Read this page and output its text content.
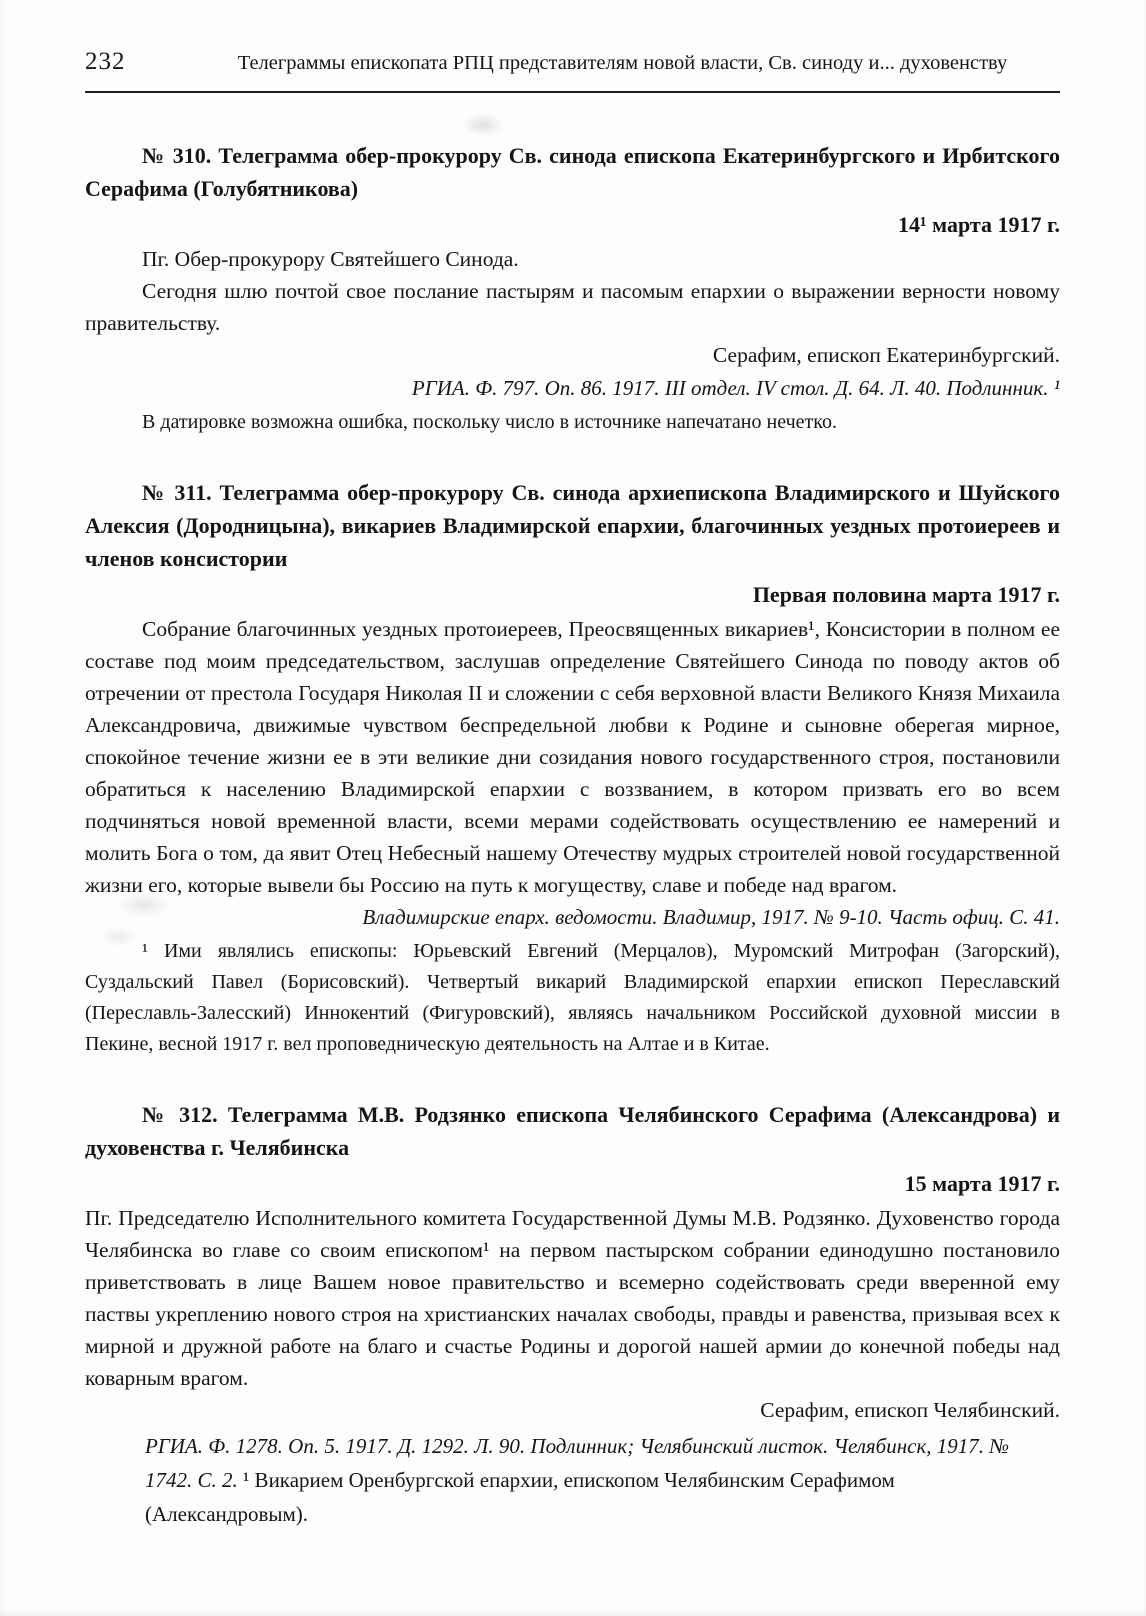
232	Телеграммы епископата РПЦ представителям новой власти, Св. синоду и... духовенству

№ 310. Телеграмма обер-прокурору Св. синода епископа Екатеринбургского и Ирбитского Серафима (Голубятникова)

14¹ марта 1917 г.

Пг. Обер-прокурору Святейшего Синода.

Сегодня шлю почтой свое послание пастырям и пасомым епархии о выражении верности новому правительству.

Серафим, епископ Екатеринбургский.

РГИА. Ф. 797. Оп. 86. 1917. III отдел. IV стол. Д. 64. Л. 40. Подлинник. ¹

В датировке возможна ошибка, поскольку число в источнике напечатано нечетко.

№ 311. Телеграмма обер-прокурору Св. синода архиепископа Владимирского и Шуйского Алексия (Дородницына), викариев Владимирской епархии, благочинных уездных протоиереев и членов консистории

Первая половина марта 1917 г.

Собрание благочинных уездных протоиереев, Преосвященных викариев¹, Консистории в полном ее составе под моим председательством, заслушав определение Святейшего Синода по поводу актов об отречении от престола Государя Николая II и сложении с себя верховной власти Великого Князя Михаила Александровича, движимые чувством беспредельной любви к Родине и сыновне оберегая мирное, спокойное течение жизни ее в эти великие дни созидания нового государственного строя, постановили обратиться к населению Владимирской епархии с воззванием, в котором призвать его во всем подчиняться новой временной власти, всеми мерами содействовать осуществлению ее намерений и молить Бога о том, да явит Отец Небесный нашему Отечеству мудрых строителей новой государственной жизни его, которые вывели бы Россию на путь к могуществу, славе и победе над врагом.

Владимирские епарх. ведомости. Владимир, 1917. № 9-10. Часть офиц. С. 41.

¹ Ими являлись епископы: Юрьевский Евгений (Мерцалов), Муромский Митрофан (Загорский), Суздальский Павел (Борисовский). Четвертый викарий Владимирской епархии епископ Переславский (Переславль-Залесский) Иннокентий (Фигуровский), являясь начальником Российской духовной миссии в Пекине, весной 1917 г. вел проповедническую деятельность на Алтае и в Китае.

№ 312. Телеграмма М.В. Родзянко епископа Челябинского Серафима (Александрова) и духовенства г. Челябинска

15 марта 1917 г.

Пг. Председателю Исполнительного комитета Государственной Думы М.В. Родзянко. Духовенство города Челябинска во главе со своим епископом¹ на первом пастырском собрании единодушно постановило приветствовать в лице Вашем новое правительство и всемерно содействовать среди вверенной ему паствы укреплению нового строя на христианских началах свободы, правды и равенства, призывая всех к мирной и дружной работе на благо и счастье Родины и дорогой нашей армии до конечной победы над коварным врагом.

Серафим, епископ Челябинский.

РГИА. Ф. 1278. Оп. 5. 1917. Д. 1292. Л. 90. Подлинник; Челябинский листок. Челябинск, 1917. № 1742. С. 2. ¹ Викарием Оренбургской епархии, епископом Челябинским Серафимом (Александровым).
